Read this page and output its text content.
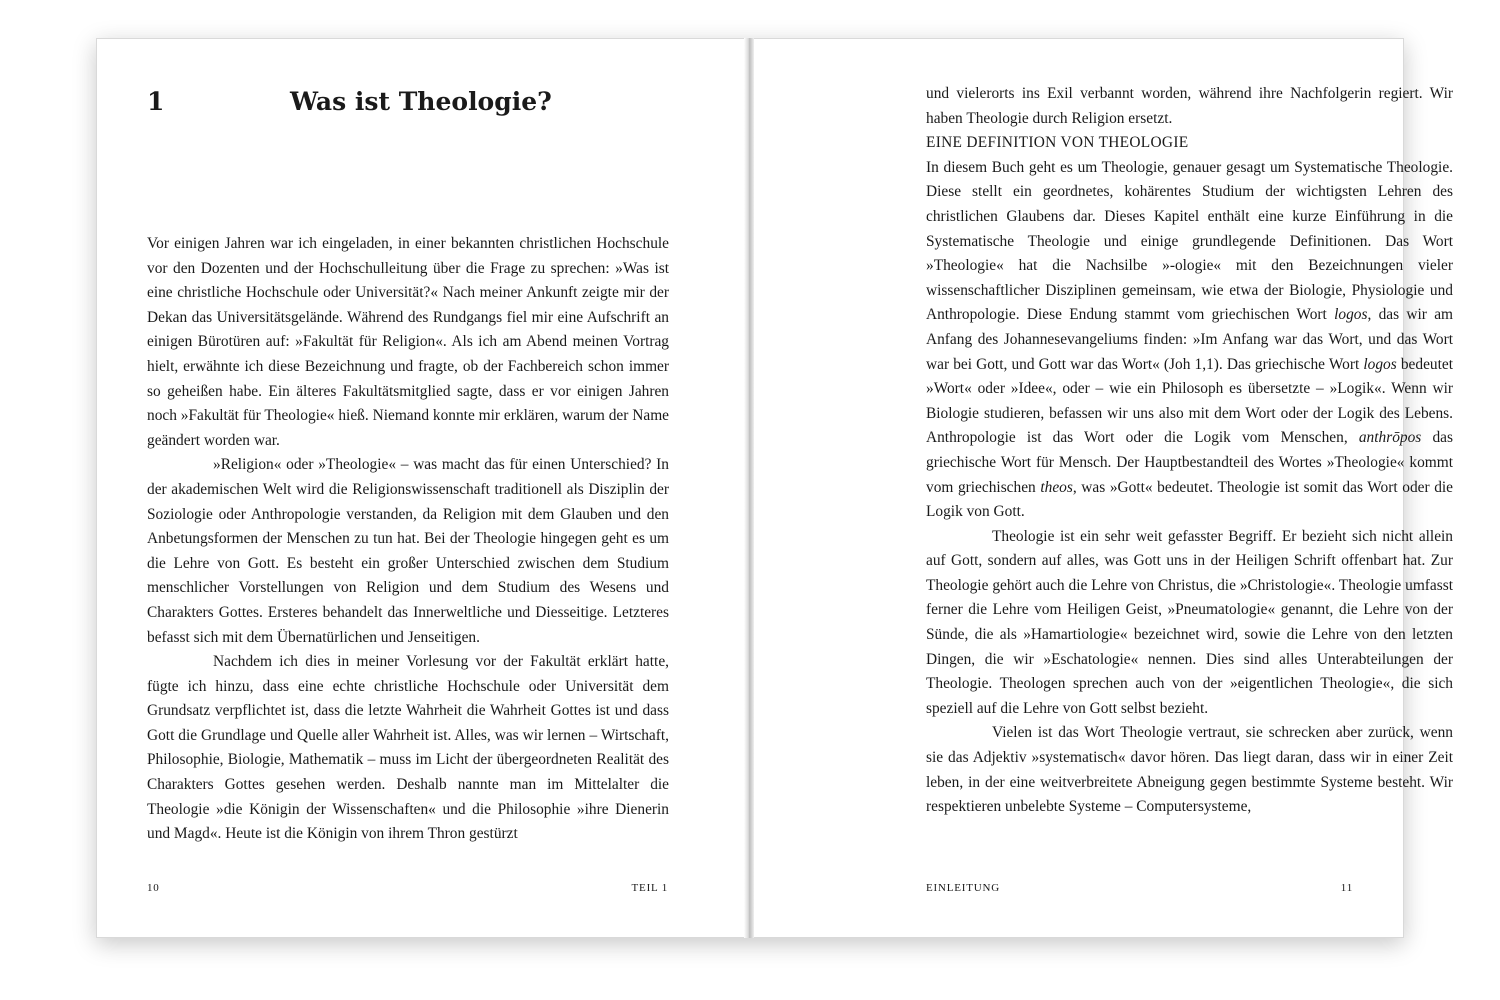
1	Was ist Theologie?

Vor einigen Jahren war ich eingeladen, in einer bekannten christlichen Hochschule vor den Dozenten und der Hochschulleitung über die Frage zu sprechen: »Was ist eine christliche Hochschule oder Universität?« Nach meiner Ankunft zeigte mir der Dekan das Universitätsgelände. Während des Rundgangs fiel mir eine Aufschrift an einigen Bürotüren auf: »Fakultät für Religion«. Als ich am Abend meinen Vortrag hielt, erwähnte ich diese Bezeichnung und fragte, ob der Fachbereich schon immer so geheißen habe. Ein älteres Fakultätsmitglied sagte, dass er vor einigen Jahren noch »Fakultät für Theologie« hieß. Niemand konnte mir erklären, warum der Name geändert worden war.

»Religion« oder »Theologie« – was macht das für einen Unterschied? In der akademischen Welt wird die Religionswissenschaft traditionell als Disziplin der Soziologie oder Anthropologie verstanden, da Religion mit dem Glauben und den Anbetungsformen der Menschen zu tun hat. Bei der Theologie hingegen geht es um die Lehre von Gott. Es besteht ein großer Unterschied zwischen dem Studium menschlicher Vorstellungen von Religion und dem Studium des Wesens und Charakters Gottes. Ersteres behandelt das Innerweltliche und Diesseitige. Letzteres befasst sich mit dem Übernatürlichen und Jenseitigen.

Nachdem ich dies in meiner Vorlesung vor der Fakultät erklärt hatte, fügte ich hinzu, dass eine echte christliche Hochschule oder Universität dem Grundsatz verpflichtet ist, dass die letzte Wahrheit die Wahrheit Gottes ist und dass Gott die Grundlage und Quelle aller Wahrheit ist. Alles, was wir lernen – Wirtschaft, Philosophie, Biologie, Mathematik – muss im Licht der übergeordneten Realität des Charakters Gottes gesehen werden. Deshalb nannte man im Mittelalter die Theologie »die Königin der Wissenschaften« und die Philosophie »ihre Dienerin und Magd«. Heute ist die Königin von ihrem Thron gestürzt

10	TEIL 1

und vielerorts ins Exil verbannt worden, während ihre Nachfolgerin regiert. Wir haben Theologie durch Religion ersetzt.

EINE DEFINITION VON THEOLOGIE

In diesem Buch geht es um Theologie, genauer gesagt um Systematische Theologie. Diese stellt ein geordnetes, kohärentes Studium der wichtigsten Lehren des christlichen Glaubens dar. Dieses Kapitel enthält eine kurze Einführung in die Systematische Theologie und einige grundlegende Definitionen. Das Wort »Theologie« hat die Nachsilbe »-ologie« mit den Bezeichnungen vieler wissenschaftlicher Disziplinen gemeinsam, wie etwa der Biologie, Physiologie und Anthropologie. Diese Endung stammt vom griechischen Wort logos, das wir am Anfang des Johannesevangeliums finden: »Im Anfang war das Wort, und das Wort war bei Gott, und Gott war das Wort« (Joh 1,1). Das griechische Wort logos bedeutet »Wort« oder »Idee«, oder – wie ein Philosoph es übersetzte – »Logik«. Wenn wir Biologie studieren, befassen wir uns also mit dem Wort oder der Logik des Lebens. Anthropologie ist das Wort oder die Logik vom Menschen, anthrōpos das griechische Wort für Mensch. Der Hauptbestandteil des Wortes »Theologie« kommt vom griechischen theos, was »Gott« bedeutet. Theologie ist somit das Wort oder die Logik von Gott.

Theologie ist ein sehr weit gefasster Begriff. Er bezieht sich nicht allein auf Gott, sondern auf alles, was Gott uns in der Heiligen Schrift offenbart hat. Zur Theologie gehört auch die Lehre von Christus, die »Christologie«. Theologie umfasst ferner die Lehre vom Heiligen Geist, »Pneumatologie« genannt, die Lehre von der Sünde, die als »Hamartiologie« bezeichnet wird, sowie die Lehre von den letzten Dingen, die wir »Eschatologie« nennen. Dies sind alles Unterabteilungen der Theologie. Theologen sprechen auch von der »eigentlichen Theologie«, die sich speziell auf die Lehre von Gott selbst bezieht.

Vielen ist das Wort Theologie vertraut, sie schrecken aber zurück, wenn sie das Adjektiv »systematisch« davor hören. Das liegt daran, dass wir in einer Zeit leben, in der eine weitverbreitete Abneigung gegen bestimmte Systeme besteht. Wir respektieren unbelebte Systeme – Computersysteme,

EINLEITUNG	11
